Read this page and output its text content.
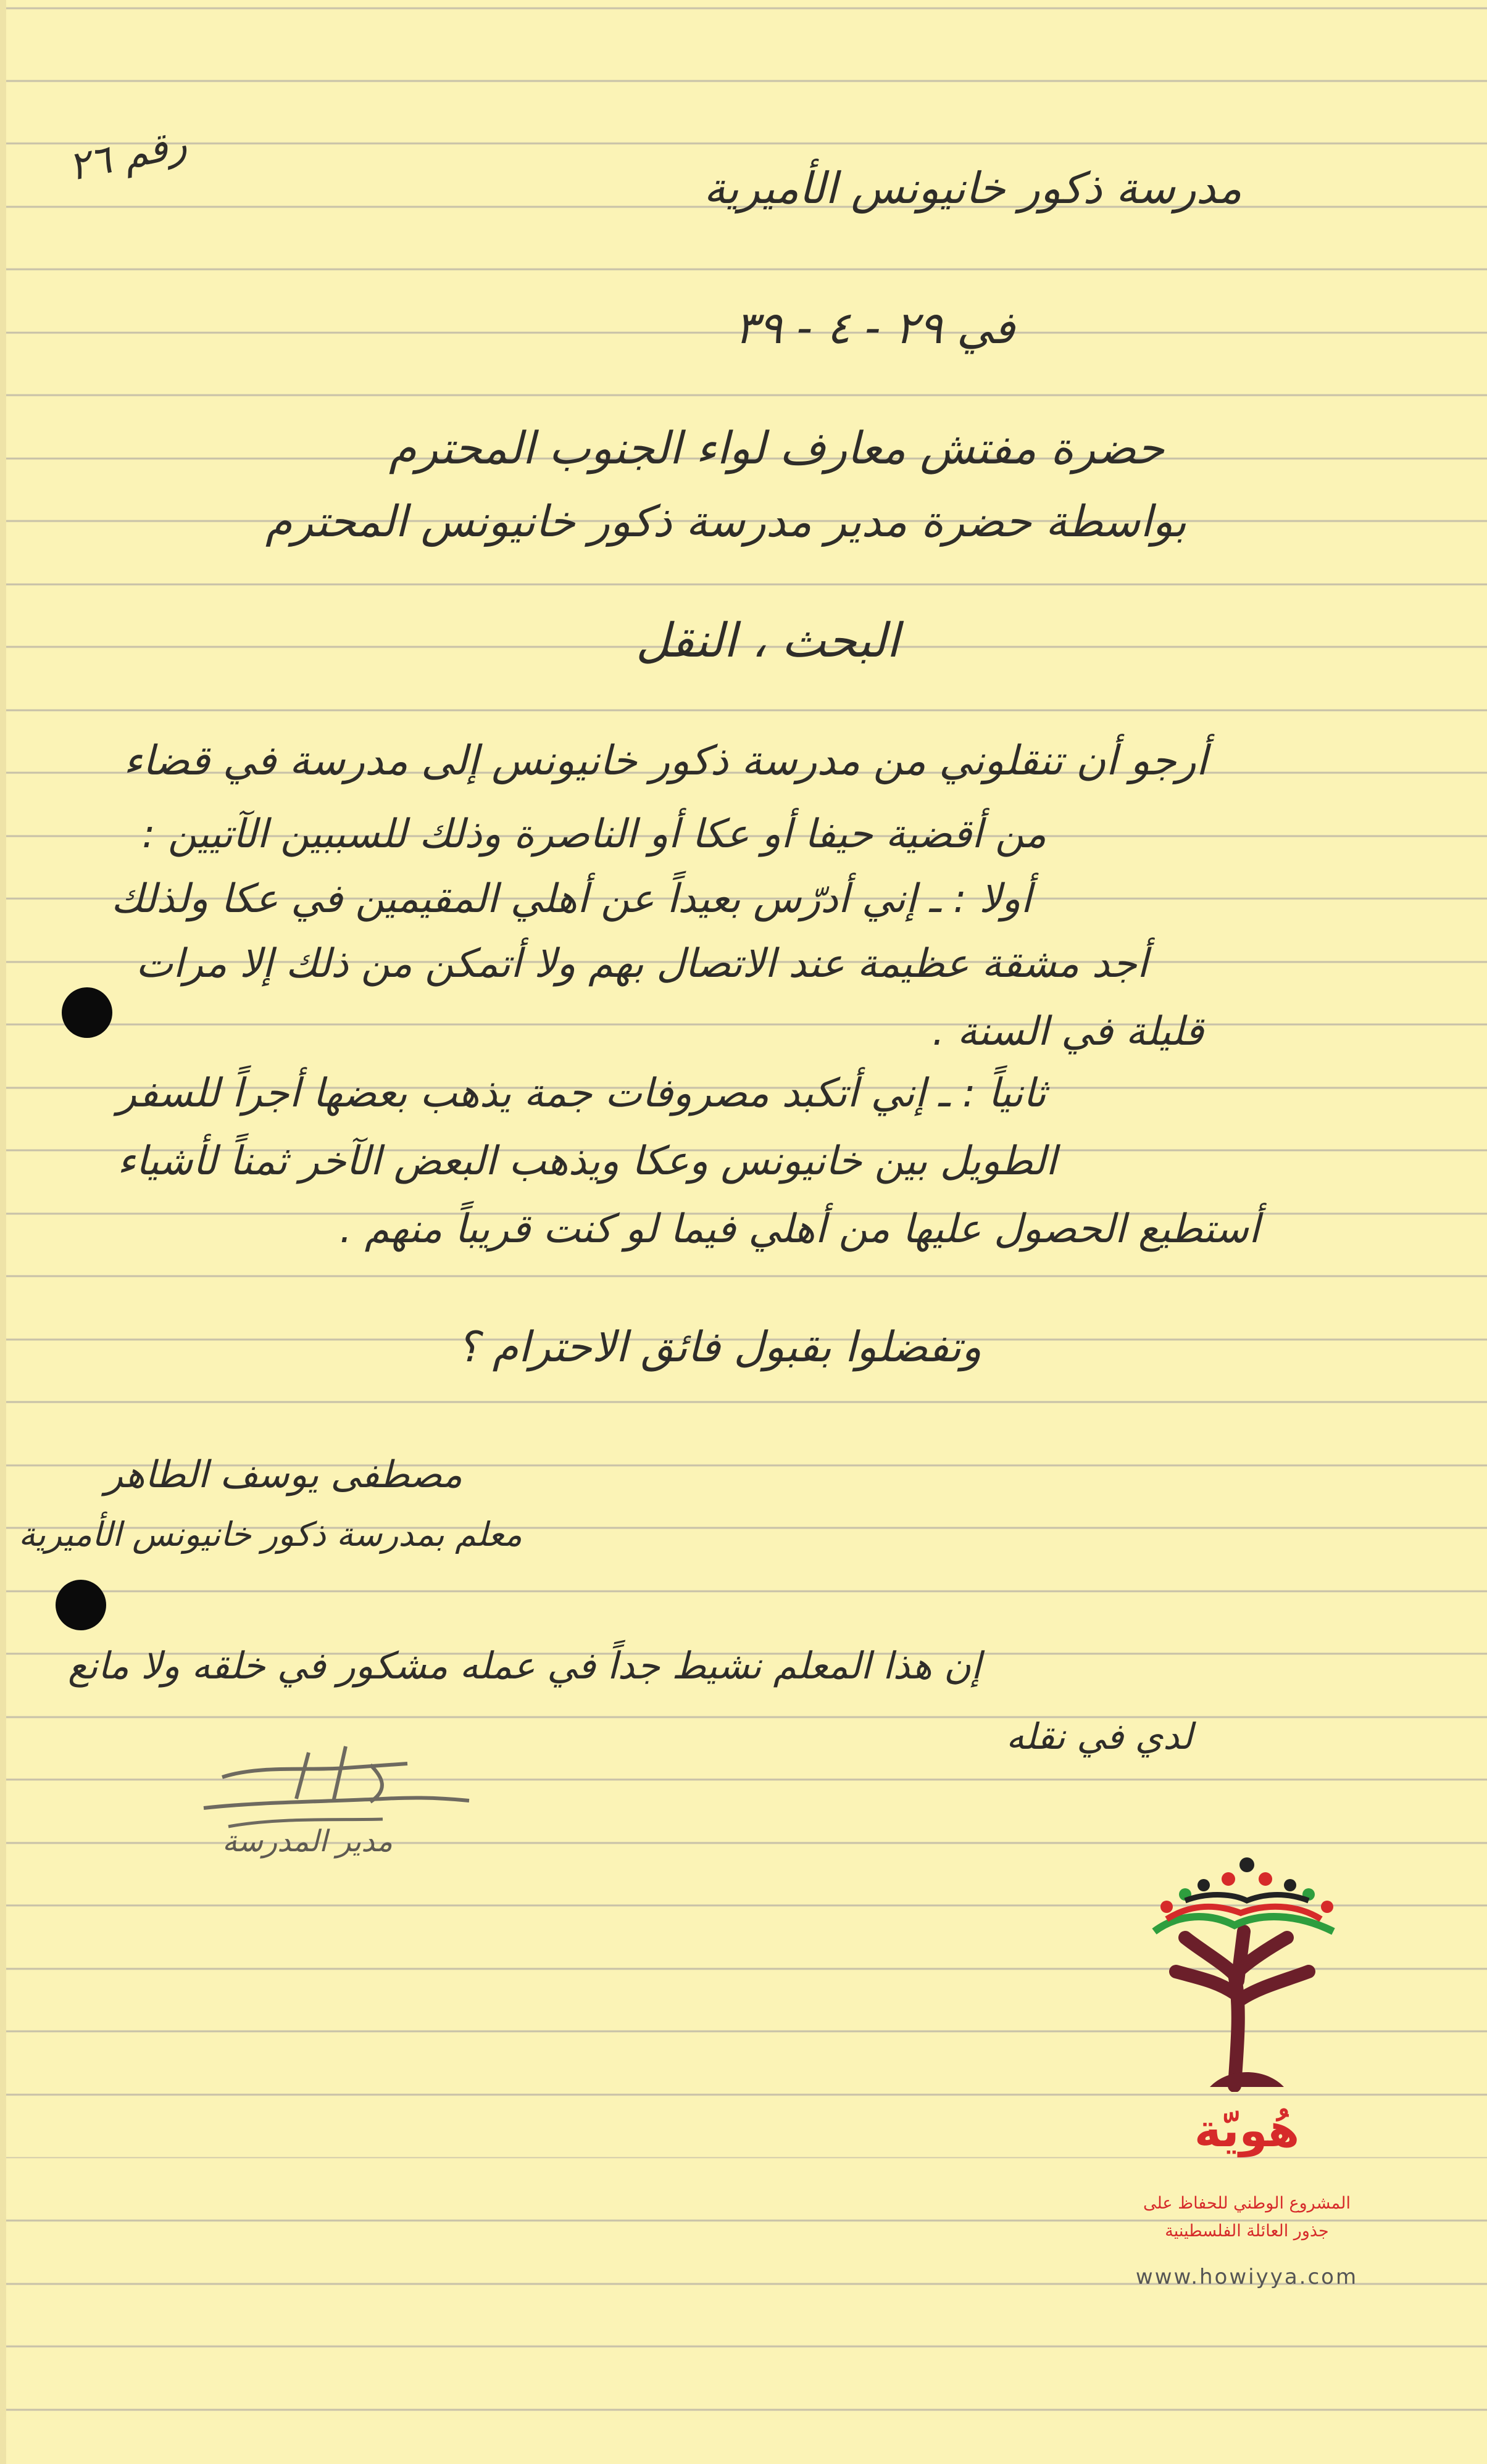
رقم ٢٦
مدرسة ذكور خانيونس الأميرية
في ٢٩ - ٤ - ٣٩
حضرة مفتش معارف لواء الجنوب المحترم
بواسطة حضرة مدير مدرسة ذكور خانيونس المحترم
البحث ، النقل
أرجو أن تنقلوني من مدرسة ذكور خانيونس إلى مدرسة في قضاء
من أقضية حيفا أو عكا أو الناصرة وذلك للسببين الآتيين :
أولا : ـ إني أدرّس بعيداً عن أهلي المقيمين في عكا ولذلك
أجد مشقة عظيمة عند الاتصال بهم ولا أتمكن من ذلك إلا مرات
قليلة في السنة .
ثانياً : ـ إني أتكبد مصروفات جمة يذهب بعضها أجراً للسفر
الطويل بين خانيونس وعكا ويذهب البعض الآخر ثمناً لأشياء
أستطيع الحصول عليها من أهلي فيما لو كنت قريباً منهم .
وتفضلوا بقبول فائق الاحترام ؟
مصطفى يوسف الطاهر
معلم بمدرسة ذكور خانيونس الأميرية
إن هذا المعلم نشيط جداً في عمله مشكور في خلقه ولا مانع
لدي في نقله
مدير المدرسة
هُويّة
المشروع الوطني للحفاظ على
جذور العائلة الفلسطينية
www.howiyya.com
